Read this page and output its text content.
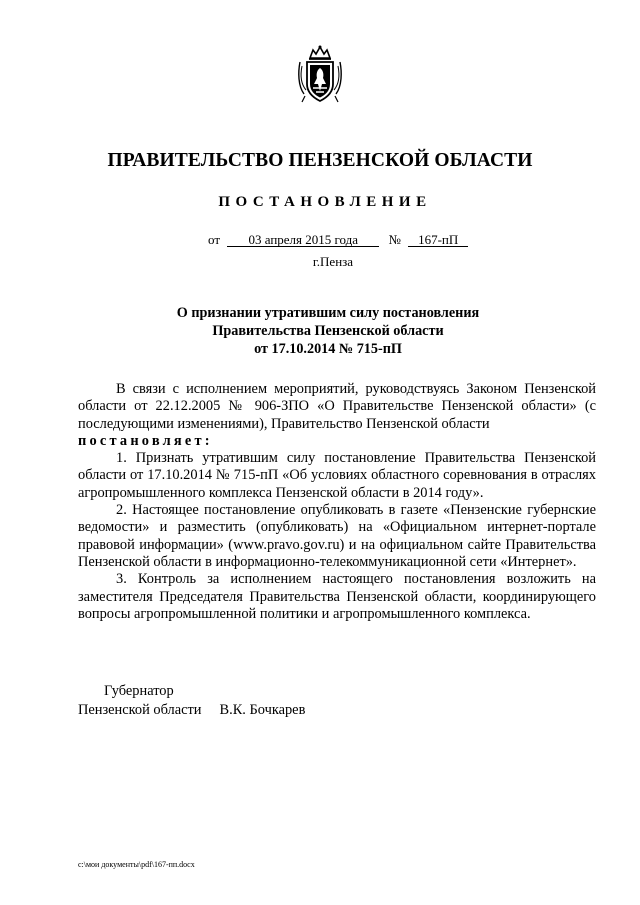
ПРАВИТЕЛЬСТВО ПЕНЗЕНСКОЙ ОБЛАСТИ
ПОСТАНОВЛЕНИЕ
от 03 апреля 2015 года № 167-пП
г.Пенза
О признании утратившим силу постановления
Правительства Пензенской области
от 17.10.2014 № 715-пП

В связи с исполнением мероприятий, руководствуясь Законом Пензенской области от 22.12.2005 № 906-ЗПО «О Правительстве Пензенской области» (с последующими изменениями), Правительство Пензенской области

постановляет:

1. Признать утратившим силу постановление Правительства Пензенской области от 17.10.2014 № 715-пП «Об условиях областного соревнования в отраслях агропромышленного комплекса Пензенской области в 2014 году».

2. Настоящее постановление опубликовать в газете «Пензенские губернские ведомости» и разместить (опубликовать) на «Официальном интернет-портале правовой информации» (www.pravo.gov.ru) и на официальном сайте Правительства Пензенской области в информационно-телекоммуникационной сети «Интернет».

3. Контроль за исполнением настоящего постановления возложить на заместителя Председателя Правительства Пензенской области, координирующего вопросы агропромышленной политики и агропромышленного комплекса.

Губернатор
Пензенской области В.К. Бочкарев
c:\мои документы\pdf\167-пп.docx
